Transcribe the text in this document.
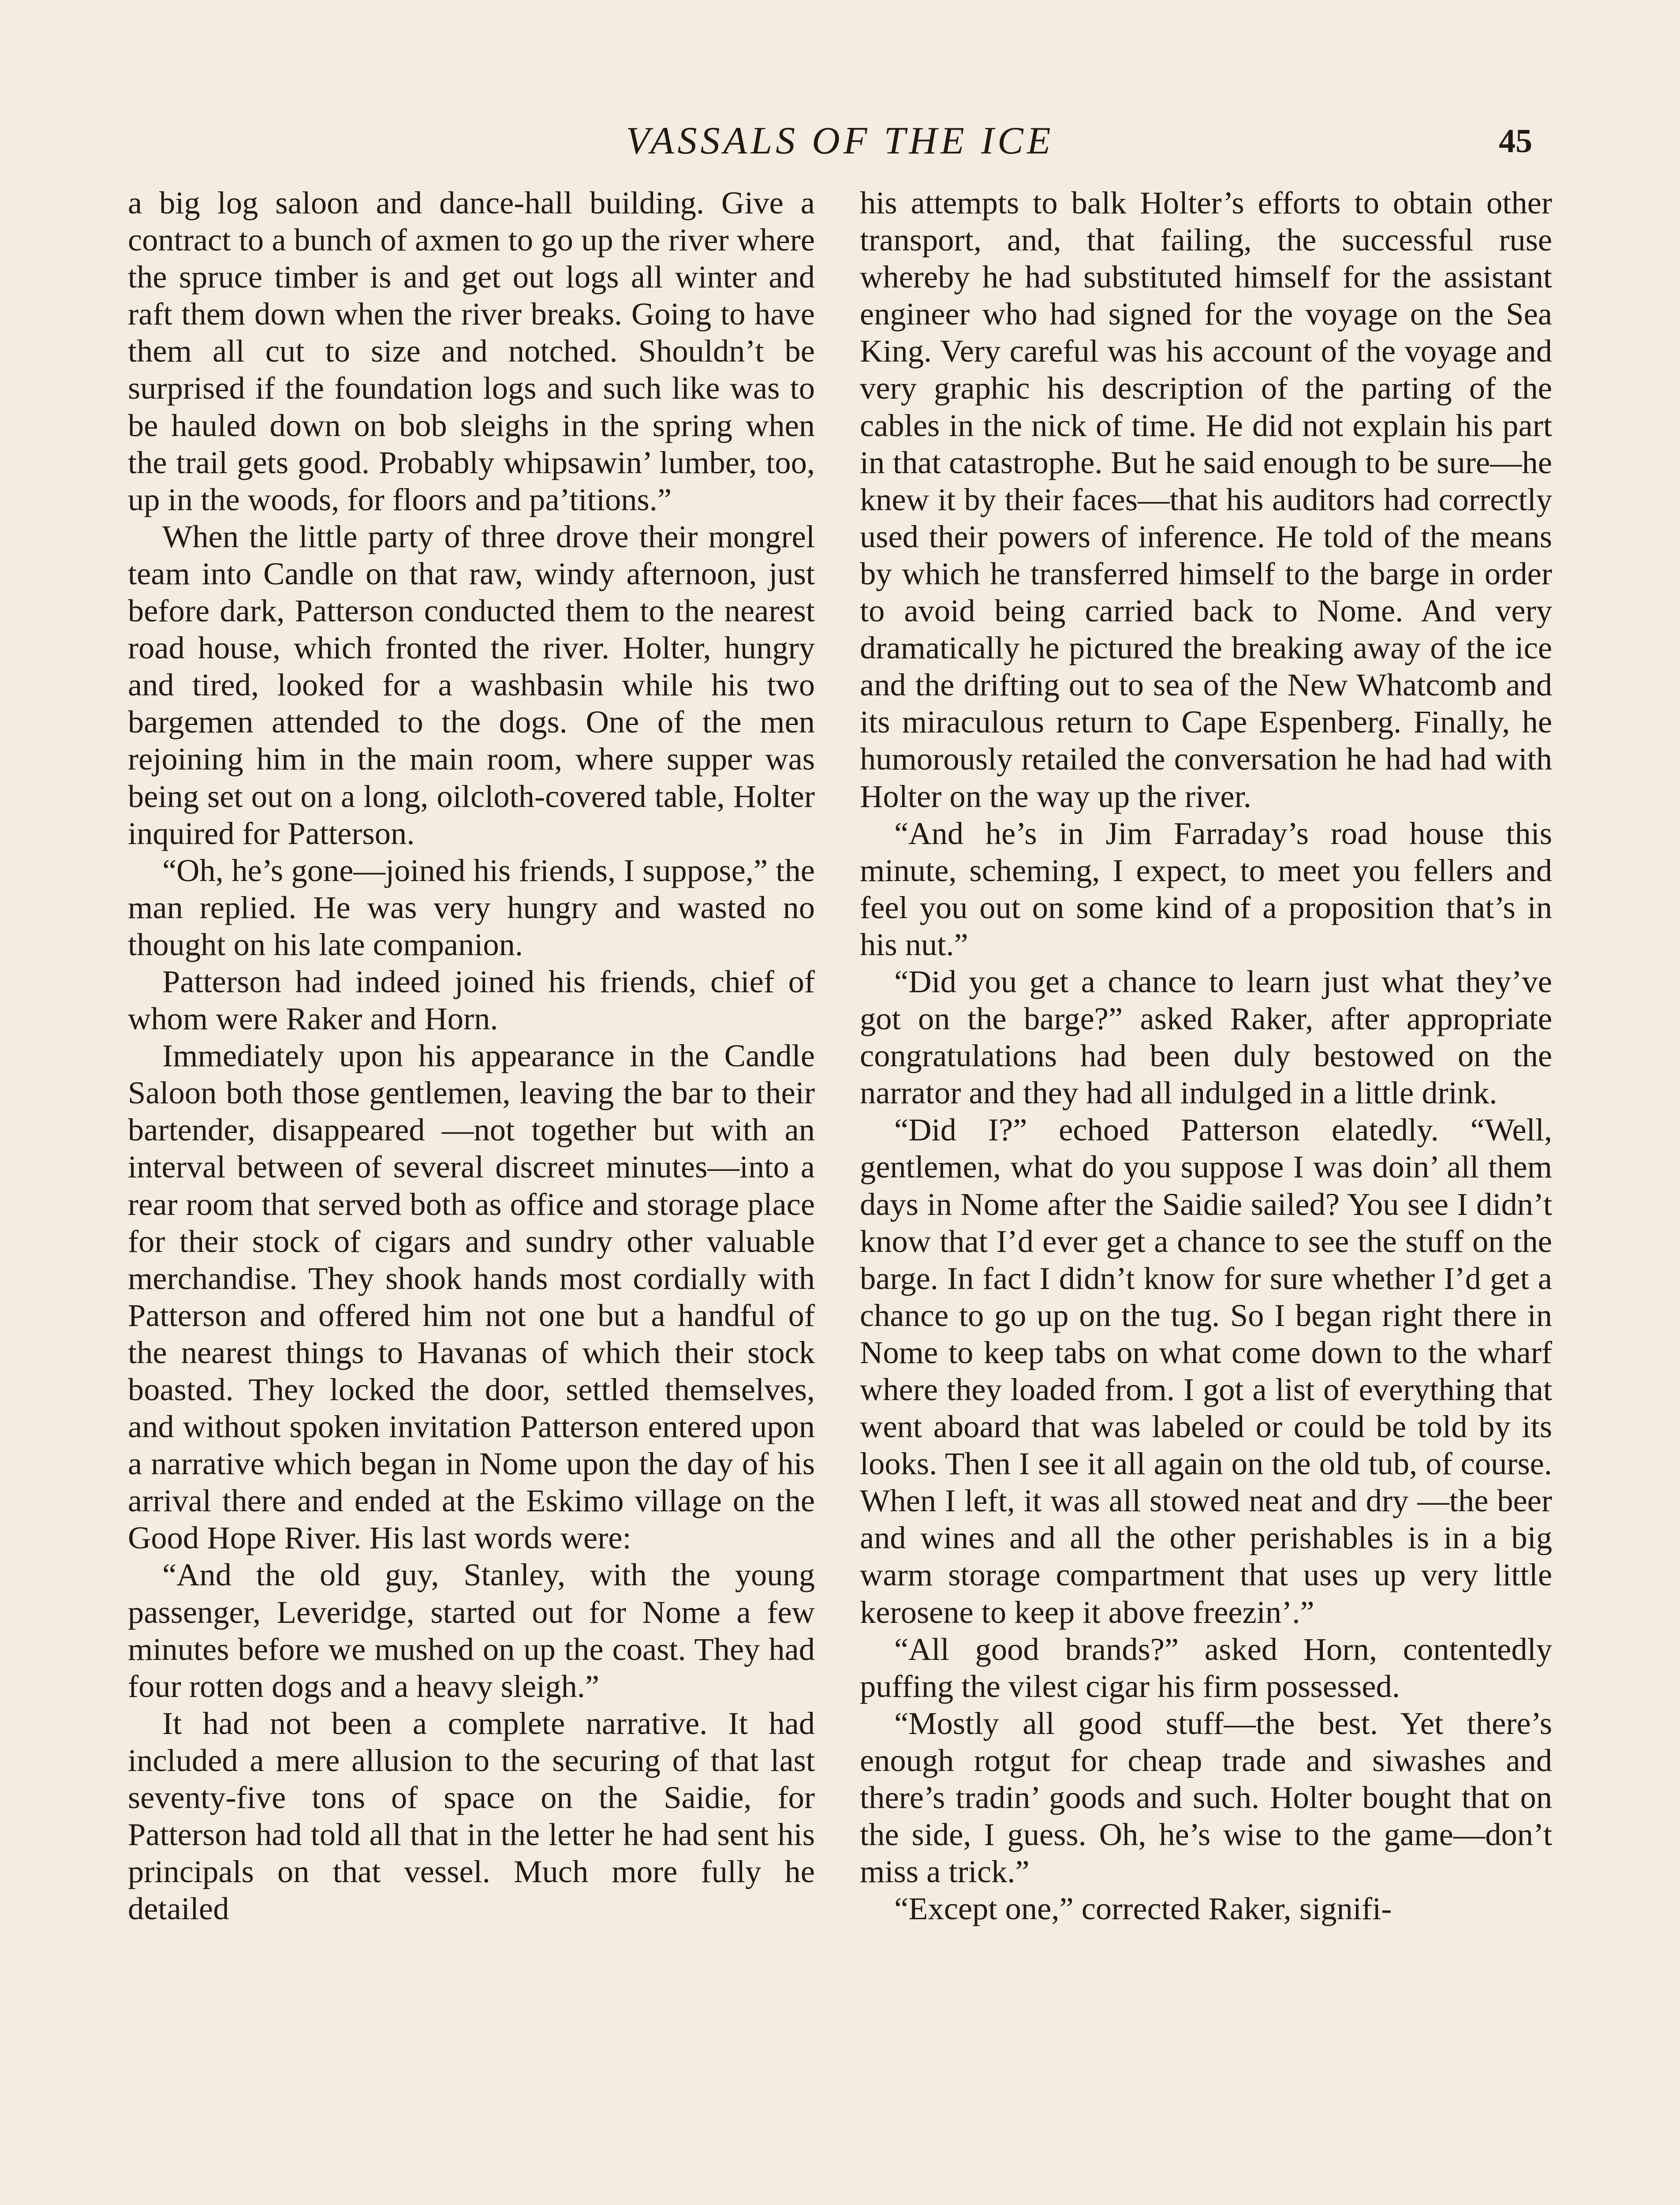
VASSALS OF THE ICE	45

a big log saloon and dance-hall building. Give a contract to a bunch of axmen to go up the river where the spruce timber is and get out logs all winter and raft them down when the river breaks. Going to have them all cut to size and notched. Shouldn’t be surprised if the foundation logs and such like was to be hauled down on bob sleighs in the spring when the trail gets good. Probably whipsawin’ lumber, too, up in the woods, for floors and pa’titions.”

When the little party of three drove their mongrel team into Candle on that raw, windy afternoon, just before dark, Patterson conducted them to the nearest road house, which fronted the river. Holter, hungry and tired, looked for a washbasin while his two bargemen attended to the dogs. One of the men rejoining him in the main room, where supper was being set out on a long, oilcloth-covered table, Holter inquired for Patterson.

“Oh, he’s gone—joined his friends, I suppose,” the man replied. He was very hungry and wasted no thought on his late companion.

Patterson had indeed joined his friends, chief of whom were Raker and Horn.

Immediately upon his appearance in the Candle Saloon both those gentlemen, leaving the bar to their bartender, disappeared —not together but with an interval between of several discreet minutes—into a rear room that served both as office and storage place for their stock of cigars and sundry other valuable merchandise. They shook hands most cordially with Patterson and offered him not one but a handful of the nearest things to Havanas of which their stock boasted. They locked the door, settled themselves, and without spoken invitation Patterson entered upon a narrative which began in Nome upon the day of his arrival there and ended at the Eskimo village on the Good Hope River. His last words were:

“And the old guy, Stanley, with the young passenger, Leveridge, started out for Nome a few minutes before we mushed on up the coast. They had four rotten dogs and a heavy sleigh.”

It had not been a complete narrative. It had included a mere allusion to the securing of that last seventy-five tons of space on the Saidie, for Patterson had told all that in the letter he had sent his principals on that vessel. Much more fully he detailed

his attempts to balk Holter’s efforts to obtain other transport, and, that failing, the successful ruse whereby he had substituted himself for the assistant engineer who had signed for the voyage on the Sea King. Very careful was his account of the voyage and very graphic his description of the parting of the cables in the nick of time. He did not explain his part in that catastrophe. But he said enough to be sure—he knew it by their faces—that his auditors had correctly used their powers of inference. He told of the means by which he transferred himself to the barge in order to avoid being carried back to Nome. And very dramatically he pictured the breaking away of the ice and the drifting out to sea of the New Whatcomb and its miraculous return to Cape Espenberg. Finally, he humorously retailed the conversation he had had with Holter on the way up the river.

“And he’s in Jim Farraday’s road house this minute, scheming, I expect, to meet you fellers and feel you out on some kind of a proposition that’s in his nut.”

“Did you get a chance to learn just what they’ve got on the barge?” asked Raker, after appropriate congratulations had been duly bestowed on the narrator and they had all indulged in a little drink.

“Did I?” echoed Patterson elatedly. “Well, gentlemen, what do you suppose I was doin’ all them days in Nome after the Saidie sailed? You see I didn’t know that I’d ever get a chance to see the stuff on the barge. In fact I didn’t know for sure whether I’d get a chance to go up on the tug. So I began right there in Nome to keep tabs on what come down to the wharf where they loaded from. I got a list of everything that went aboard that was labeled or could be told by its looks. Then I see it all again on the old tub, of course. When I left, it was all stowed neat and dry —the beer and wines and all the other perishables is in a big warm storage compartment that uses up very little kerosene to keep it above freezin’.”

“All good brands?” asked Horn, contentedly puffing the vilest cigar his firm possessed.

“Mostly all good stuff—the best. Yet there’s enough rotgut for cheap trade and siwashes and there’s tradin’ goods and such. Holter bought that on the side, I guess. Oh, he’s wise to the game—don’t miss a trick.”

“Except one,” corrected Raker, signifi-
